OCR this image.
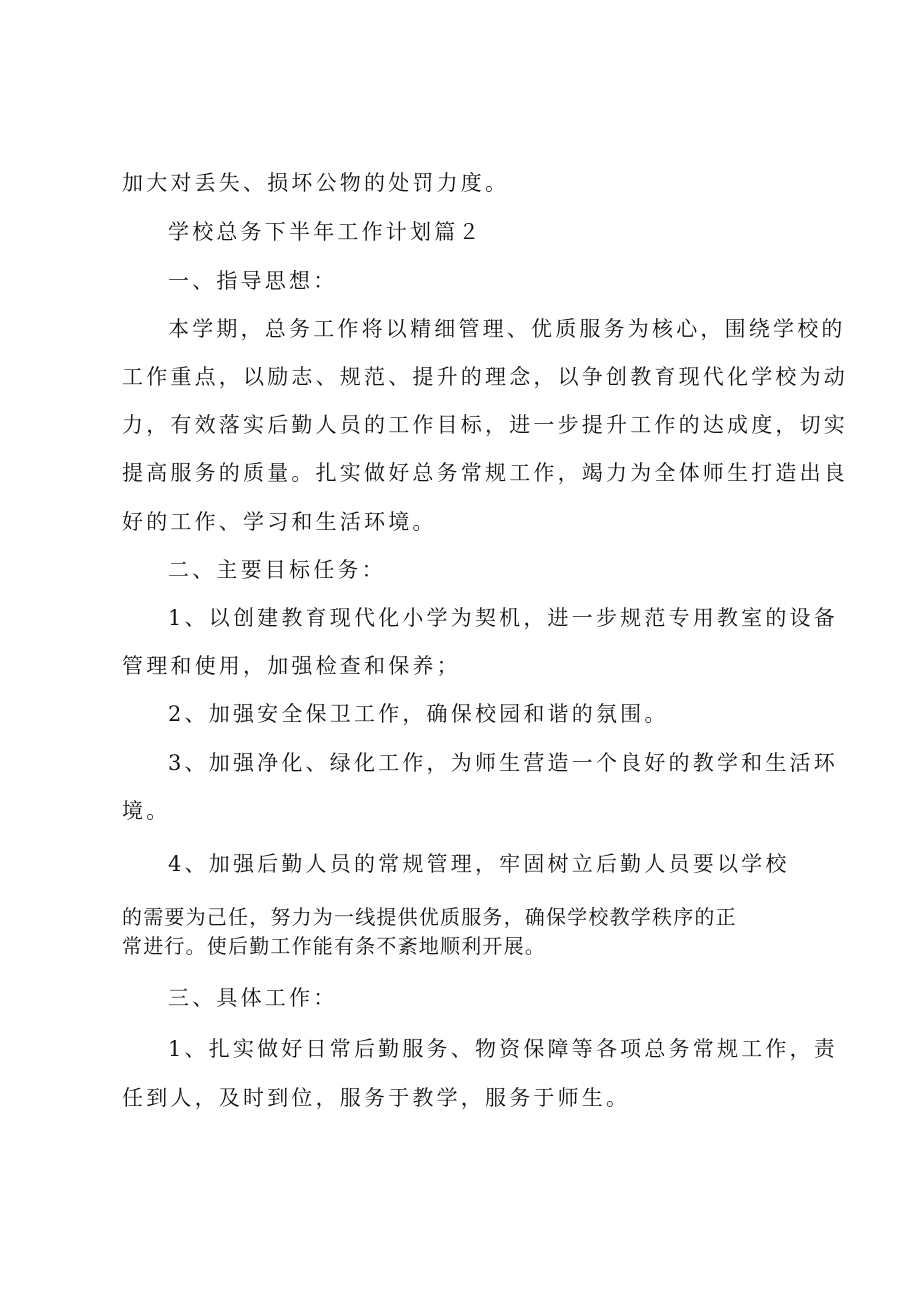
加大对丢失、损坏公物的处罚力度。
学校总务下半年工作计划篇２
一、指导思想：
本学期，总务工作将以精细管理、优质服务为核心，围绕学校的
工作重点，以励志、规范、提升的理念，以争创教育现代化学校为动
力，有效落实后勤人员的工作目标，进一步提升工作的达成度，切实
提高服务的质量。扎实做好总务常规工作，竭力为全体师生打造出良
好的工作、学习和生活环境。
二、主要目标任务：
1、以创建教育现代化小学为契机，进一步规范专用教室的设备
管理和使用，加强检查和保养；
2、加强安全保卫工作，确保校园和谐的氛围。
3、加强净化、绿化工作，为师生营造一个良好的教学和生活环
境。
4、加强后勤人员的常规管理，牢固树立后勤人员要以学校
的需要为己任，努力为一线提供优质服务，确保学校教学秩序的正
常进行。使后勤工作能有条不紊地顺利开展。
三、具体工作：
1、扎实做好日常后勤服务、物资保障等各项总务常规工作，责
任到人，及时到位，服务于教学，服务于师生。
